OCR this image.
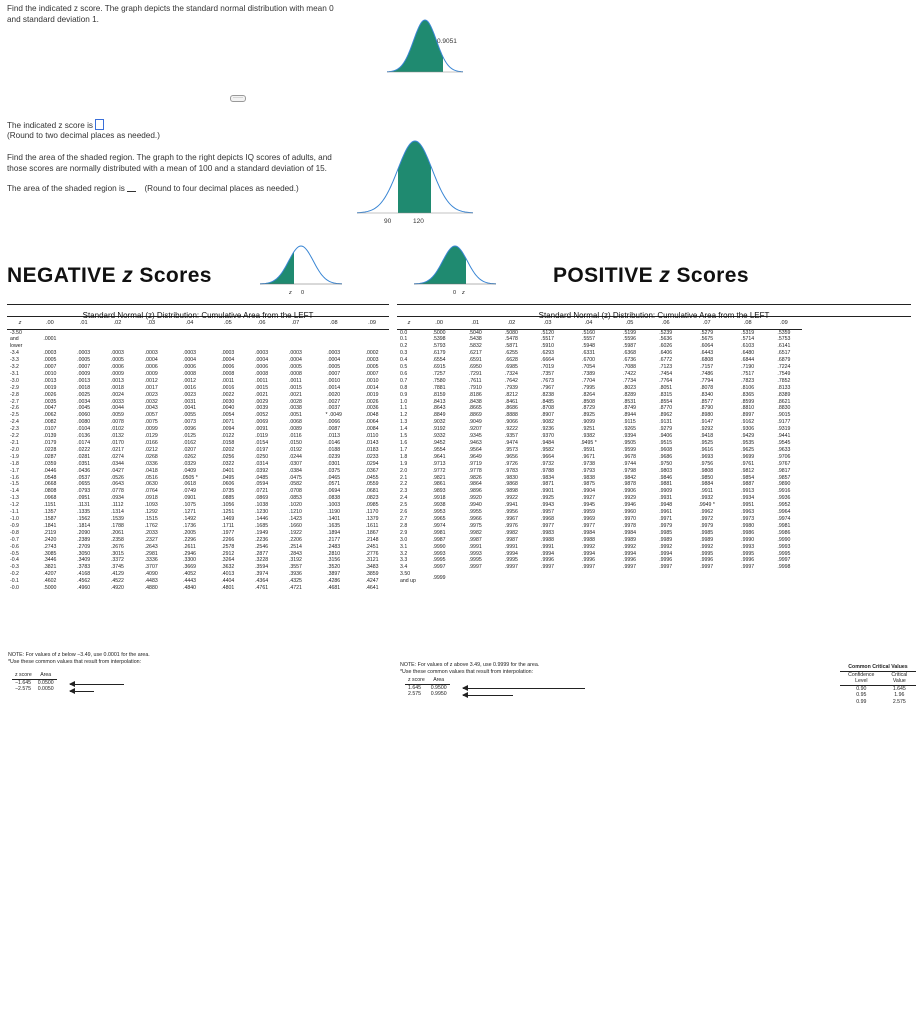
Find the indicated z score. The graph depicts the standard normal distribution with mean 0 and standard deviation 1.
0.9051
·····
The indicated z score is
(Round to two decimal places as needed.)
Find the area of the shaded region. The graph to the right depicts IQ scores of adults, and those scores are normally distributed with a mean of 100 and a standard deviation of 15.
The area of the shaded region is (Round to four decimal places as needed.)
90	120
NEGATIVE z Scores
z 0
Standard Normal (z) Distribution: Cumulative Area from the LEFT
z	.00	.01	.02	.03	.04	.05	.06	.07	.08	.09
-3.50
and
lower	.0001									
-3.4	.0003	.0003	.0003	.0003	.0003	.0003	.0003	.0003	.0003	.0002
-3.3	.0005	.0005	.0005	.0004	.0004	.0004	.0004	.0004	.0004	.0003
-3.2	.0007	.0007	.0006	.0006	.0006	.0006	.0006	.0005	.0005	.0005
-3.1	.0010	.0009	.0009	.0009	.0008	.0008	.0008	.0008	.0007	.0007
-3.0	.0013	.0013	.0013	.0012	.0012	.0011	.0011	.0011	.0010	.0010
-2.9	.0019	.0018	.0018	.0017	.0016	.0016	.0015	.0015	.0014	.0014
-2.8	.0026	.0025	.0024	.0023	.0023	.0022	.0021	.0021	.0020	.0019
-2.7	.0035	.0034	.0033	.0032	.0031	.0030	.0029	.0028	.0027	.0026
-2.6	.0047	.0045	.0044	.0043	.0041	.0040	.0039	.0038	.0037	.0036
-2.5	.0062	.0060	.0059	.0057	.0055	.0054	.0052	.0051	* .0049	.0048
-2.4	.0082	.0080	.0078	.0075	.0073	.0071	.0069	.0068	.0066	.0064
-2.3	.0107	.0104	.0102	.0099	.0096	.0094	.0091	.0089	.0087	.0084
-2.2	.0139	.0136	.0132	.0129	.0125	.0122	.0119	.0116	.0113	.0110
-2.1	.0179	.0174	.0170	.0166	.0162	.0158	.0154	.0150	.0146	.0143
-2.0	.0228	.0222	.0217	.0212	.0207	.0202	.0197	.0192	.0188	.0183
-1.9	.0287	.0281	.0274	.0268	.0262	.0256	.0250	.0244	.0239	.0233
-1.8	.0359	.0351	.0344	.0336	.0329	.0322	.0314	.0307	.0301	.0294
-1.7	.0446	.0436	.0427	.0418	.0409	.0401	.0392	.0384	.0375	.0367
-1.6	.0548	.0537	.0526	.0516	.0505 *	.0495	.0485	.0475	.0465	.0455
-1.5	.0668	.0655	.0643	.0630	.0618	.0606	.0594	.0582	.0571	.0559
-1.4	.0808	.0793	.0778	.0764	.0749	.0735	.0721	.0708	.0694	.0681
-1.3	.0968	.0951	.0934	.0918	.0901	.0885	.0869	.0853	.0838	.0823
-1.2	.1151	.1131	.1112	.1093	.1075	.1056	.1038	.1020	.1003	.0985
-1.1	.1357	.1335	.1314	.1292	.1271	.1251	.1230	.1210	.1190	.1170
-1.0	.1587	.1562	.1539	.1515	.1492	.1469	.1446	.1423	.1401	.1379
-0.9	.1841	.1814	.1788	.1762	.1736	.1711	.1685	.1660	.1635	.1611
-0.8	.2119	.2090	.2061	.2033	.2005	.1977	.1949	.1922	.1894	.1867
-0.7	.2420	.2389	.2358	.2327	.2296	.2266	.2236	.2206	.2177	.2148
-0.6	.2743	.2709	.2676	.2643	.2611	.2578	.2546	.2514	.2483	.2451
-0.5	.3085	.3050	.3015	.2981	.2946	.2912	.2877	.2843	.2810	.2776
-0.4	.3446	.3409	.3372	.3336	.3300	.3264	.3228	.3192	.3156	.3121
-0.3	.3821	.3783	.3745	.3707	.3669	.3632	.3594	.3557	.3520	.3483
-0.2	.4207	.4168	.4129	.4090	.4052	.4013	.3974	.3936	.3897	.3859
-0.1	.4602	.4562	.4522	.4483	.4443	.4404	.4364	.4325	.4286	.4247
-0.0	.5000	.4960	.4920	.4880	.4840	.4801	.4761	.4721	.4681	.4641
NOTE: For values of z below −3.49, use 0.0001 for the area.
*Use these common values that result from interpolation:
z score	Area
−1.645	0.0500
−2.575	0.0050
POSITIVE z Scores
0 z
Standard Normal (z) Distribution: Cumulative Area from the LEFT
z	.00	.01	.02	.03	.04	.05	.06	.07	.08	.09
0.0	.5000	.5040	.5080	.5120	.5160	.5199	.5239	.5279	.5319	.5359
0.1	.5398	.5438	.5478	.5517	.5557	.5596	.5636	.5675	.5714	.5753
0.2	.5793	.5832	.5871	.5910	.5948	.5987	.6026	.6064	.6103	.6141
0.3	.6179	.6217	.6255	.6293	.6331	.6368	.6406	.6443	.6480	.6517
0.4	.6554	.6591	.6628	.6664	.6700	.6736	.6772	.6808	.6844	.6879
0.5	.6915	.6950	.6985	.7019	.7054	.7088	.7123	.7157	.7190	.7224
0.6	.7257	.7291	.7324	.7357	.7389	.7422	.7454	.7486	.7517	.7549
0.7	.7580	.7611	.7642	.7673	.7704	.7734	.7764	.7794	.7823	.7852
0.8	.7881	.7910	.7939	.7967	.7995	.8023	.8051	.8078	.8106	.8133
0.9	.8159	.8186	.8212	.8238	.8264	.8289	.8315	.8340	.8365	.8389
1.0	.8413	.8438	.8461	.8485	.8508	.8531	.8554	.8577	.8599	.8621
1.1	.8643	.8665	.8686	.8708	.8729	.8749	.8770	.8790	.8810	.8830
1.2	.8849	.8869	.8888	.8907	.8925	.8944	.8962	.8980	.8997	.9015
1.3	.9032	.9049	.9066	.9082	.9099	.9115	.9131	.9147	.9162	.9177
1.4	.9192	.9207	.9222	.9236	.9251	.9265	.9279	.9292	.9306	.9319
1.5	.9332	.9345	.9357	.9370	.9382	.9394	.9406	.9418	.9429	.9441
1.6	.9452	.9463	.9474	.9484	.9495 *	.9505	.9515	.9525	.9535	.9545
1.7	.9554	.9564	.9573	.9582	.9591	.9599	.9608	.9616	.9625	.9633
1.8	.9641	.9649	.9656	.9664	.9671	.9678	.9686	.9693	.9699	.9706
1.9	.9713	.9719	.9726	.9732	.9738	.9744	.9750	.9756	.9761	.9767
2.0	.9772	.9778	.9783	.9788	.9793	.9798	.9803	.9808	.9812	.9817
2.1	.9821	.9826	.9830	.9834	.9838	.9842	.9846	.9850	.9854	.9857
2.2	.9861	.9864	.9868	.9871	.9875	.9878	.9881	.9884	.9887	.9890
2.3	.9893	.9896	.9898	.9901	.9904	.9906	.9909	.9911	.9913	.9916
2.4	.9918	.9920	.9922	.9925	.9927	.9929	.9931	.9932	.9934	.9936
2.5	.9938	.9940	.9941	.9943	.9945	.9946	.9948	.9949 *	.9951	.9952
2.6	.9953	.9955	.9956	.9957	.9959	.9960	.9961	.9962	.9963	.9964
2.7	.9965	.9966	.9967	.9968	.9969	.9970	.9971	.9972	.9973	.9974
2.8	.9974	.9975	.9976	.9977	.9977	.9978	.9979	.9979	.9980	.9981
2.9	.9981	.9982	.9982	.9983	.9984	.9984	.9985	.9985	.9986	.9986
3.0	.9987	.9987	.9987	.9988	.9988	.9989	.9989	.9989	.9990	.9990
3.1	.9990	.9991	.9991	.9991	.9992	.9992	.9992	.9992	.9993	.9993
3.2	.9993	.9993	.9994	.9994	.9994	.9994	.9994	.9995	.9995	.9995
3.3	.9995	.9995	.9995	.9996	.9996	.9996	.9996	.9996	.9996	.9997
3.4	.9997	.9997	.9997	.9997	.9997	.9997	.9997	.9997	.9997	.9998
3.50
and up	.9999									
NOTE: For values of z above 3.49, use 0.9999 for the area.
*Use these common values that result from interpolation:
z score	Area
1.645	0.9500
2.575	0.9950
Common Critical Values	
Confidence Level	Critical Value
0.90	1.645
0.95	1.96
0.99	2.575
